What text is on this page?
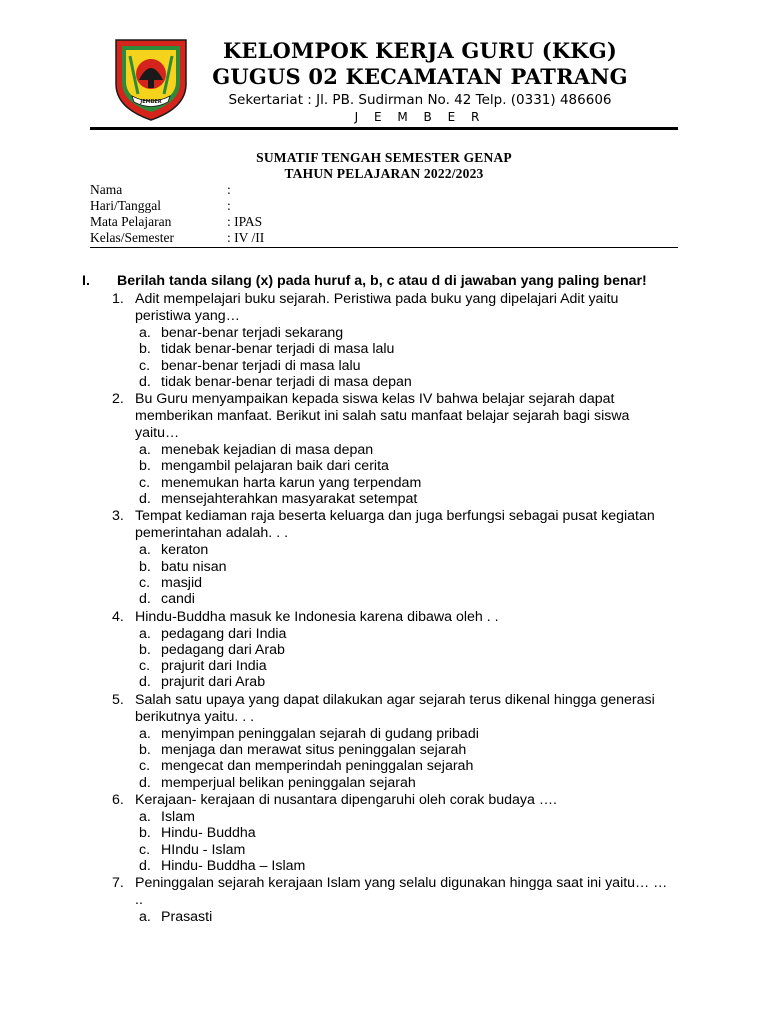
JEMBER
KELOMPOK KERJA GURU (KKG)
GUGUS 02 KECAMATAN PATRANG
Sekertariat : Jl. PB. Sudirman No. 42 Telp. (0331) 486606
J E M B E R
SUMATIF TENGAH SEMESTER GENAP
TAHUN PELAJARAN 2022/2023
Nama	:
Hari/Tanggal	:
Mata Pelajaran	: IPAS
Kelas/Semester	: IV /II
I. Berilah tanda silang (x) pada huruf a, b, c atau d di jawaban yang paling benar!
1. Adit mempelajari buku sejarah. Peristiwa pada buku yang dipelajari Adit yaitu peristiwa yang…
a. benar-benar terjadi sekarang
b. tidak benar-benar terjadi di masa lalu
c. benar-benar terjadi di masa lalu
d. tidak benar-benar terjadi di masa depan
2. Bu Guru menyampaikan kepada siswa kelas IV bahwa belajar sejarah dapat memberikan manfaat. Berikut ini salah satu manfaat belajar sejarah bagi siswa yaitu…
a. menebak kejadian di masa depan
b. mengambil pelajaran baik dari cerita
c. menemukan harta karun yang terpendam
d. mensejahterahkan masyarakat setempat
3. Tempat kediaman raja beserta keluarga dan juga berfungsi sebagai pusat kegiatan pemerintahan adalah. . .
a. keraton
b. batu nisan
c. masjid
d. candi
4. Hindu-Buddha masuk ke Indonesia karena dibawa oleh . .
a. pedagang dari India
b. pedagang dari Arab
c. prajurit dari India
d. prajurit dari Arab
5. Salah satu upaya yang dapat dilakukan agar sejarah terus dikenal hingga generasi berikutnya yaitu. . .
a. menyimpan peninggalan sejarah di gudang pribadi
b. menjaga dan merawat situs peninggalan sejarah
c. mengecat dan memperindah peninggalan sejarah
d. memperjual belikan peninggalan sejarah
6. Kerajaan- kerajaan di nusantara dipengaruhi oleh corak budaya ….
a. Islam
b. Hindu- Buddha
c. HIndu - Islam
d. Hindu- Buddha – Islam
7. Peninggalan sejarah kerajaan Islam yang selalu digunakan hingga saat ini yaitu… … ..
a. Prasasti
